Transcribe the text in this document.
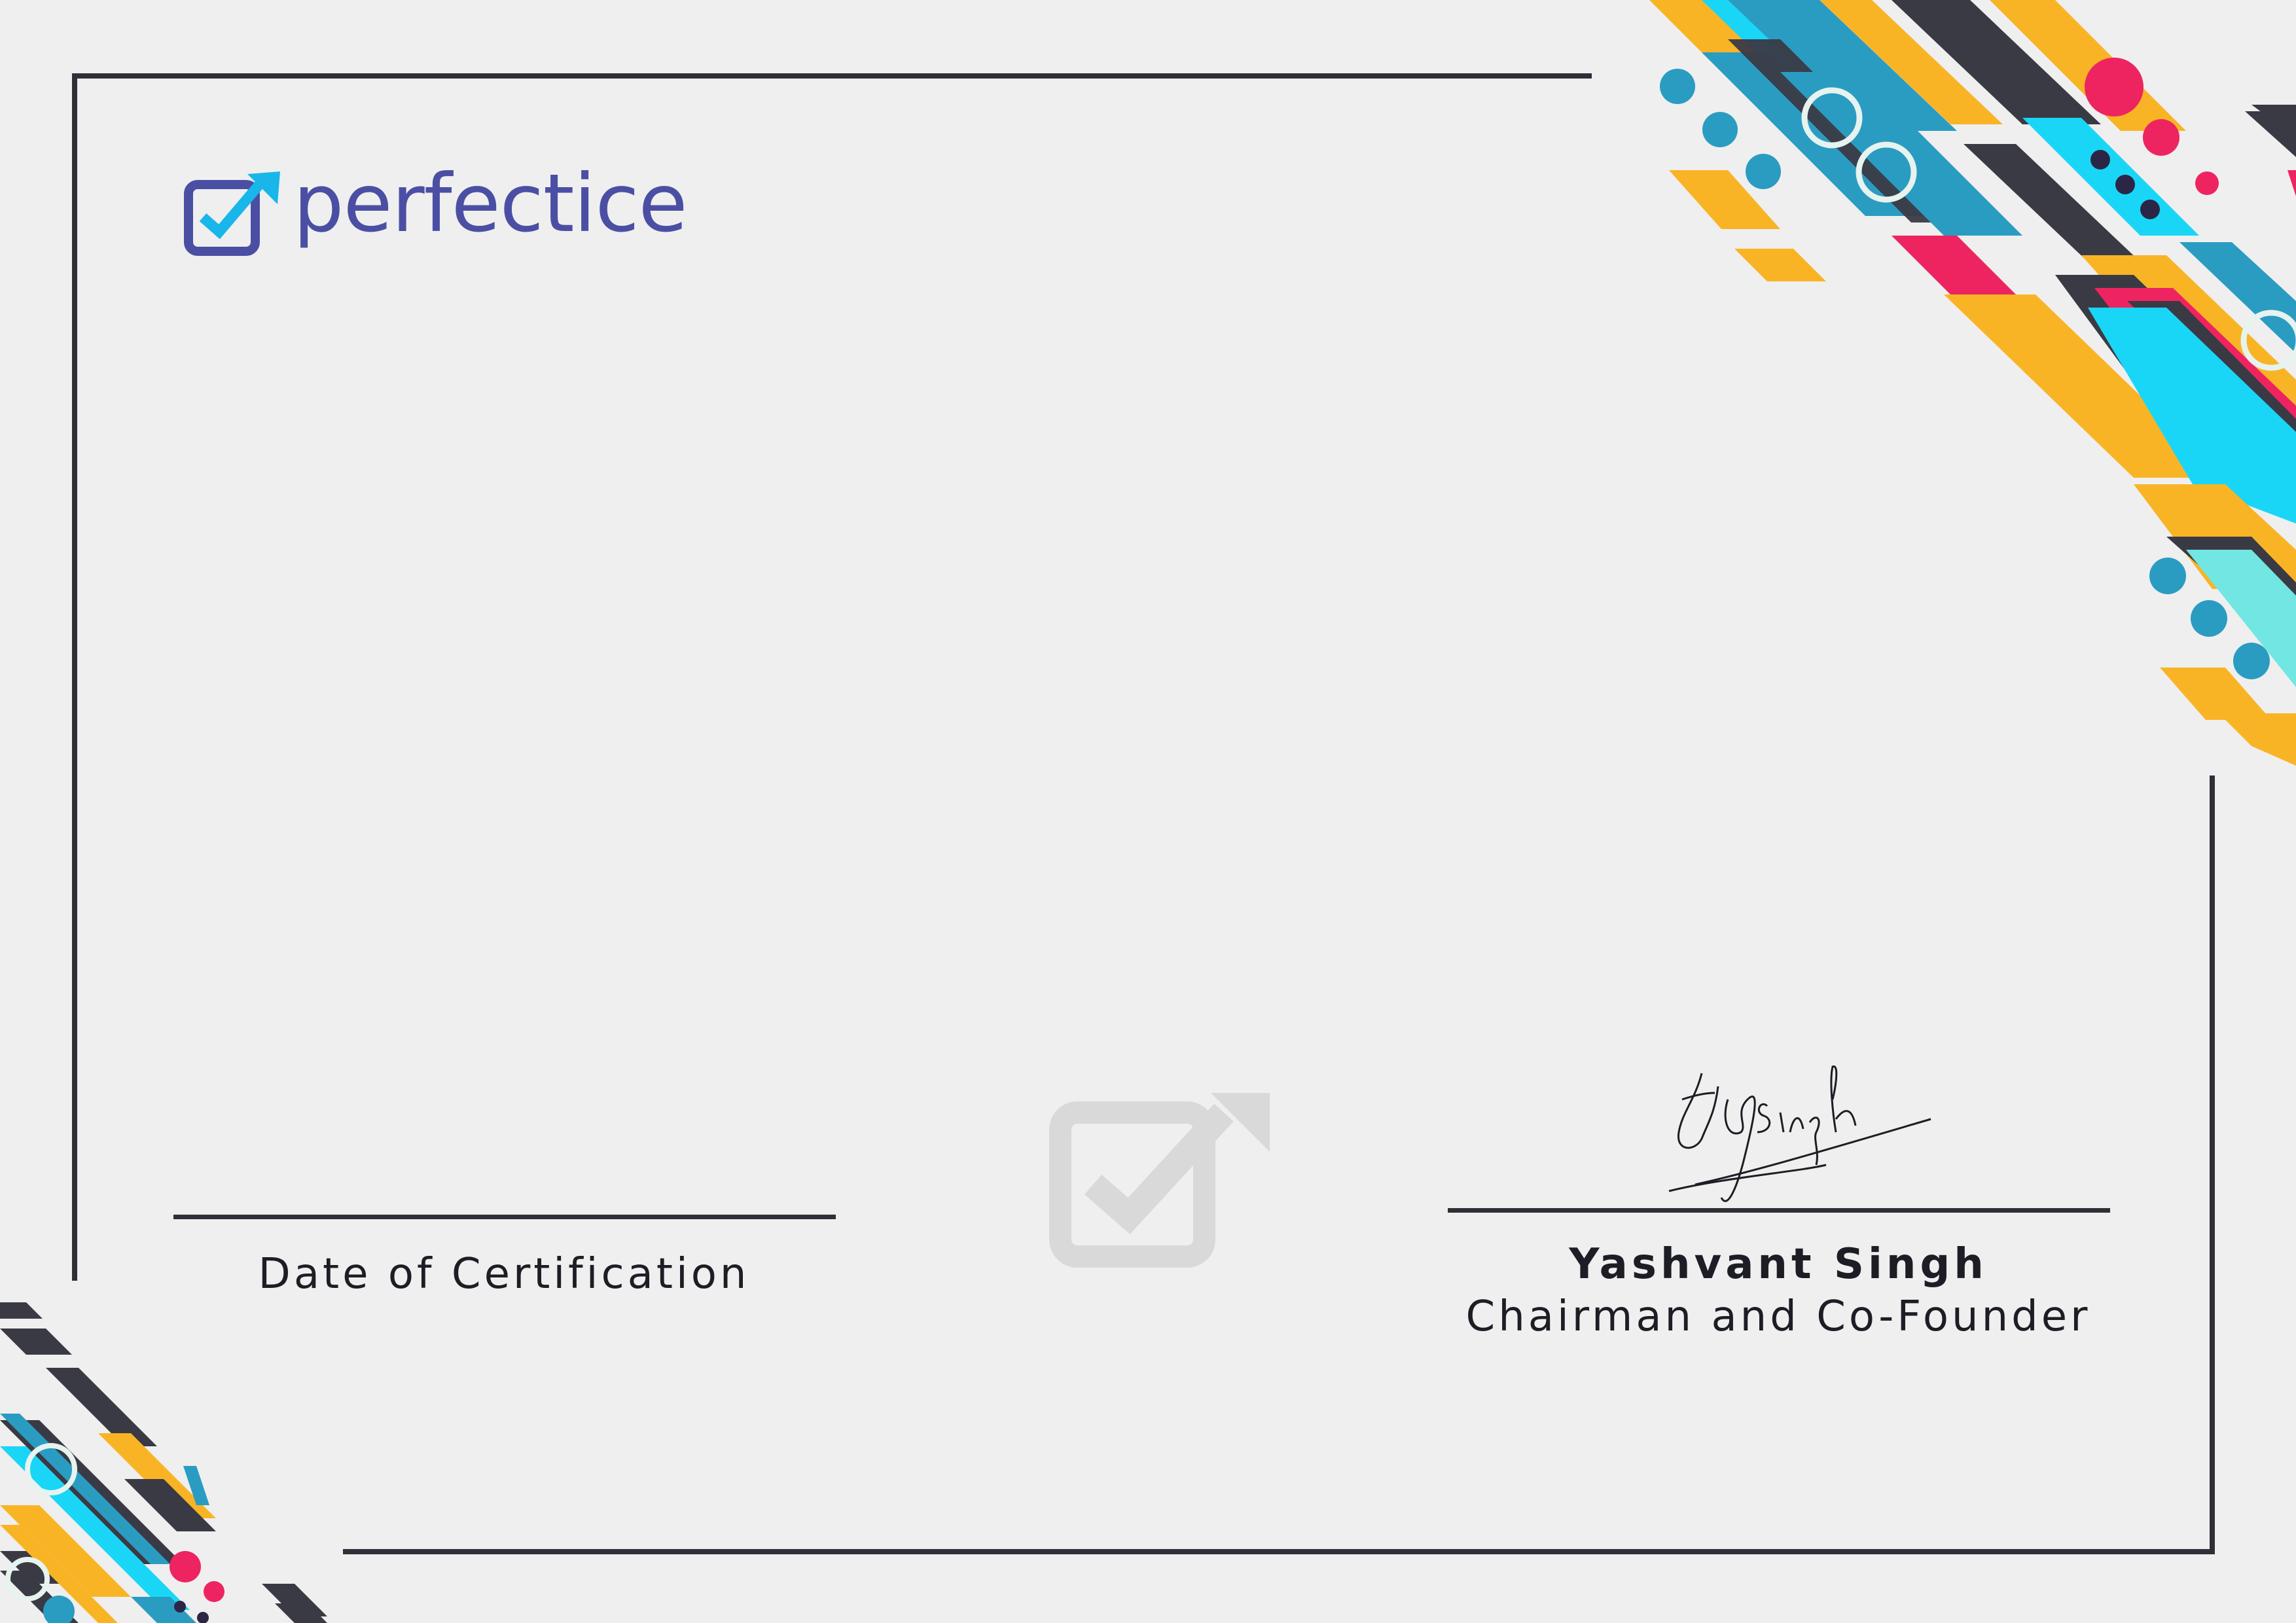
perfectice
Date of Certification	Yashvant Singh
Chairman and Co-Founder
